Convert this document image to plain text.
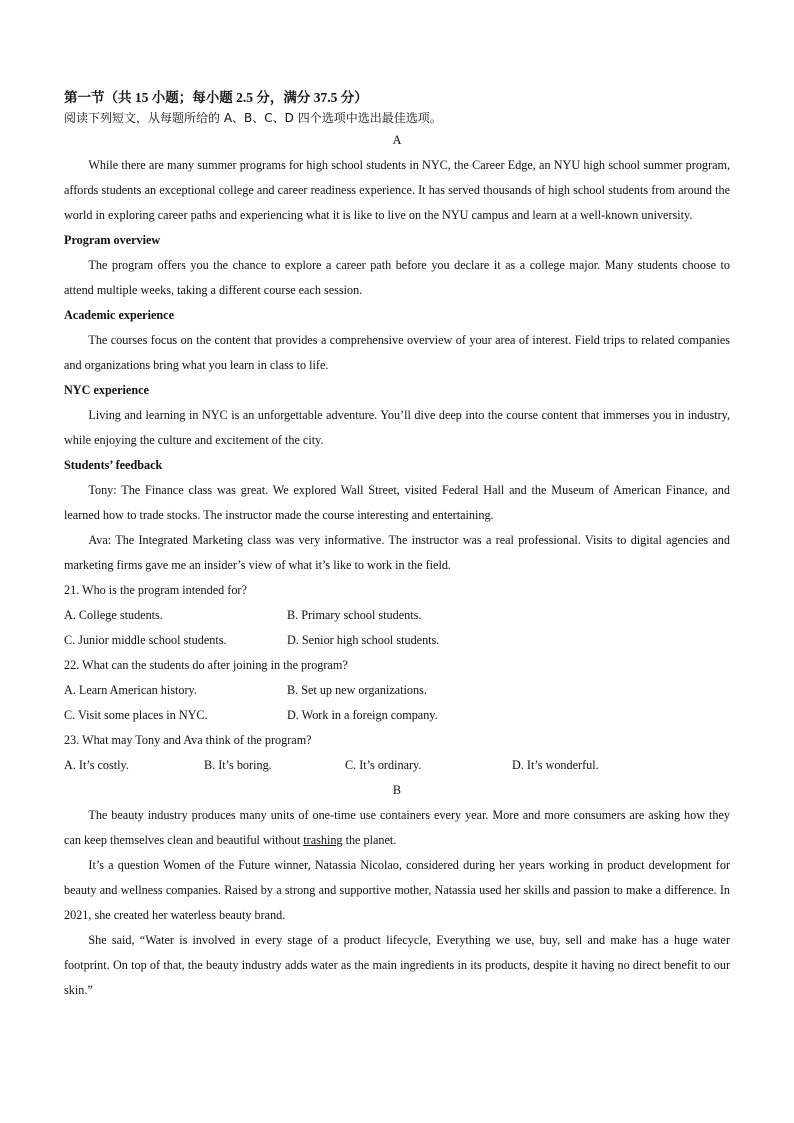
第一节（共 15 小题；每小题 2.5 分，满分 37.5 分）
阅读下列短文，从每题所给的 A、B、C、D 四个选项中选出最佳选项。
A
While there are many summer programs for high school students in NYC, the Career Edge, an NYU high school summer program, affords students an exceptional college and career readiness experience. It has served thousands of high school students from around the world in exploring career paths and experiencing what it is like to live on the NYU campus and learn at a well-known university.
Program overview
The program offers you the chance to explore a career path before you declare it as a college major. Many students choose to attend multiple weeks, taking a different course each session.
Academic experience
The courses focus on the content that provides a comprehensive overview of your area of interest. Field trips to related companies and organizations bring what you learn in class to life.
NYC experience
Living and learning in NYC is an unforgettable adventure. You’ll dive deep into the course content that immerses you in industry, while enjoying the culture and excitement of the city.
Students’ feedback
Tony: The Finance class was great. We explored Wall Street, visited Federal Hall and the Museum of American Finance, and learned how to trade stocks. The instructor made the course interesting and entertaining.
Ava: The Integrated Marketing class was very informative. The instructor was a real professional. Visits to digital agencies and marketing firms gave me an insider’s view of what it’s like to work in the field.
21. Who is the program intended for?
A. College students.	B. Primary school students.
C. Junior middle school students.	D. Senior high school students.
22. What can the students do after joining in the program?
A. Learn American history.	B. Set up new organizations.
C. Visit some places in NYC.	D. Work in a foreign company.
23. What may Tony and Ava think of the program?
A. It’s costly.	B. It’s boring.	C. It’s ordinary.	D. It’s wonderful.
B
The beauty industry produces many units of one-time use containers every year. More and more consumers are asking how they can keep themselves clean and beautiful without trashing the planet.
It’s a question Women of the Future winner, Natassia Nicolao, considered during her years working in product development for beauty and wellness companies. Raised by a strong and supportive mother, Natassia used her skills and passion to make a difference. In 2021, she created her waterless beauty brand.
She said, “Water is involved in every stage of a product lifecycle, Everything we use, buy, sell and make has a huge water footprint. On top of that, the beauty industry adds water as the main ingredients in its products, despite it having no direct benefit to our skin.”
